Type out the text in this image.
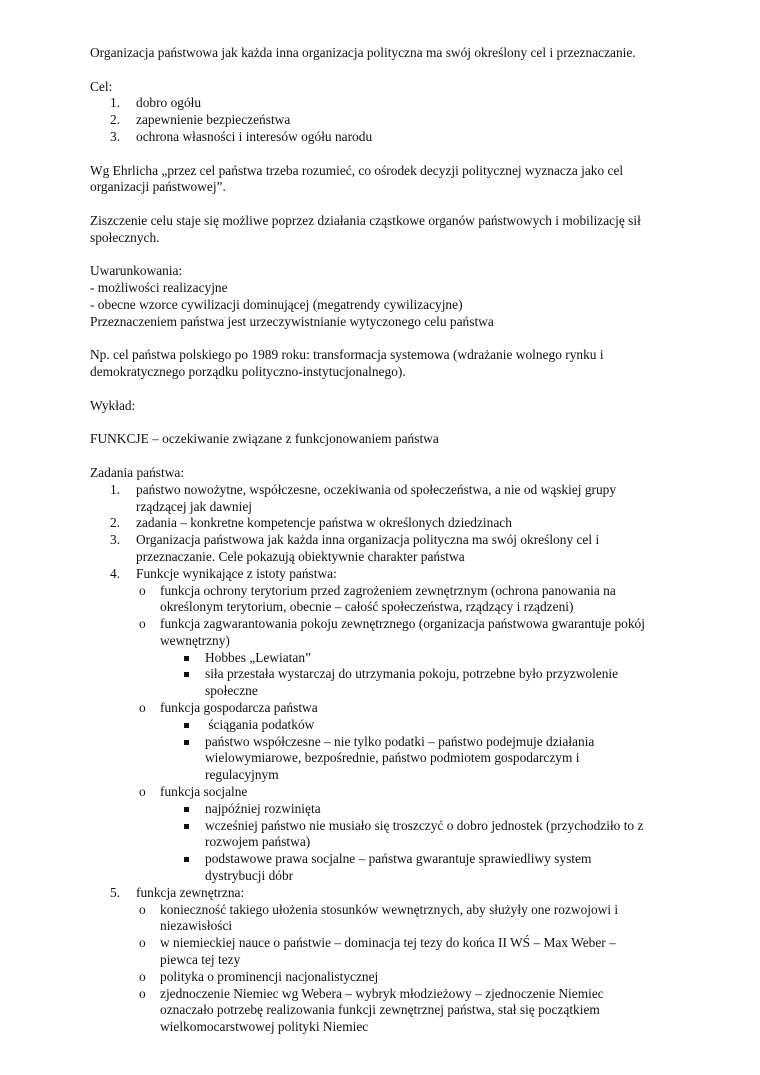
Organizacja państwowa jak każda inna organizacja polityczna ma swój określony cel i przeznaczanie.

Cel:
1.	dobro ogółu
2.	zapewnienie bezpieczeństwa
3.	ochrona własności i interesów ogółu narodu
Wg Ehrlicha „przez cel państwa trzeba rozumieć, co ośrodek decyzji politycznej wyznacza jako cel
organizacji państwowej”.
Ziszczenie celu staje się możliwe poprzez działania cząstkowe organów państwowych i mobilizację sił
społecznych.
Uwarunkowania:
- możliwości realizacyjne
- obecne wzorce cywilizacji dominującej (megatrendy cywilizacyjne)
Przeznaczeniem państwa jest urzeczywistnianie wytyczonego celu państwa
Np. cel państwa polskiego po 1989 roku: transformacja systemowa (wdrażanie wolnego rynku i
demokratycznego porządku polityczno-instytucjonalnego).
Wykład:
FUNKCJE – oczekiwanie związane z funkcjonowaniem państwa
Zadania państwa:
1.	państwo nowożytne, współczesne, oczekiwania od społeczeństwa, a nie od wąskiej grupy
rządzącej jak dawniej
2.	zadania – konkretne kompetencje państwa w określonych dziedzinach
3.	Organizacja państwowa jak każda inna organizacja polityczna ma swój określony cel i
przeznaczanie. Cele pokazują obiektywnie charakter państwa
4.	Funkcje wynikające z istoty państwa:
o funkcja ochrony terytorium przed zagrożeniem zewnętrznym (ochrona panowania na
określonym terytorium, obecnie – całość społeczeństwa, rządzący i rządzeni)
o funkcja zagwarantowania pokoju zewnętrznego (organizacja państwowa gwarantuje pokój
wewnętrzny)
Hobbes „Lewiatan”
siła przestała wystarczaj do utrzymania pokoju, potrzebne było przyzwolenie
społeczne
o funkcja gospodarcza państwa
ściągania podatków
państwo współczesne – nie tylko podatki – państwo podejmuje działania
wielowymiarowe, bezpośrednie, państwo podmiotem gospodarczym i
regulacyjnym
o funkcja socjalne
najpóźniej rozwinięta
wcześniej państwo nie musiało się troszczyć o dobro jednostek (przychodziło to z
rozwojem państwa)
podstawowe prawa socjalne – państwa gwarantuje sprawiedliwy system
dystrybucji dóbr
5.	funkcja zewnętrzna:
o konieczność takiego ułożenia stosunków wewnętrznych, aby służyły one rozwojowi i
niezawisłości
o w niemieckiej nauce o państwie – dominacja tej tezy do końca II WŚ – Max Weber –
piewca tej tezy
o polityka o prominencji nacjonalistycznej
o zjednoczenie Niemiec wg Webera – wybryk młodzieżowy – zjednoczenie Niemiec
oznaczało potrzebę realizowania funkcji zewnętrznej państwa, stał się początkiem
wielkomocarstwowej polityki Niemiec
